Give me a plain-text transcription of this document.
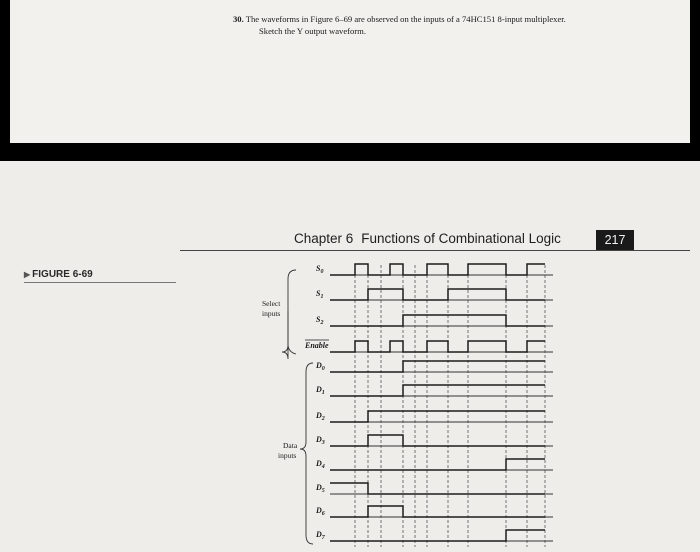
30. The waveforms in Figure 6–69 are observed on the inputs of a 74HC151 8-input multiplexer.
Sketch the Y output waveform.
Chapter 6 Functions of Combinational Logic	217
▶ FIGURE 6-69
$S_0$
$S_1$
$S_2$
Enable
$D_0$
$D_1$
$D_2$
$D_3$
$D_4$
$D_5$
$D_6$
$D_7$
Select
inputs
Data
inputs
